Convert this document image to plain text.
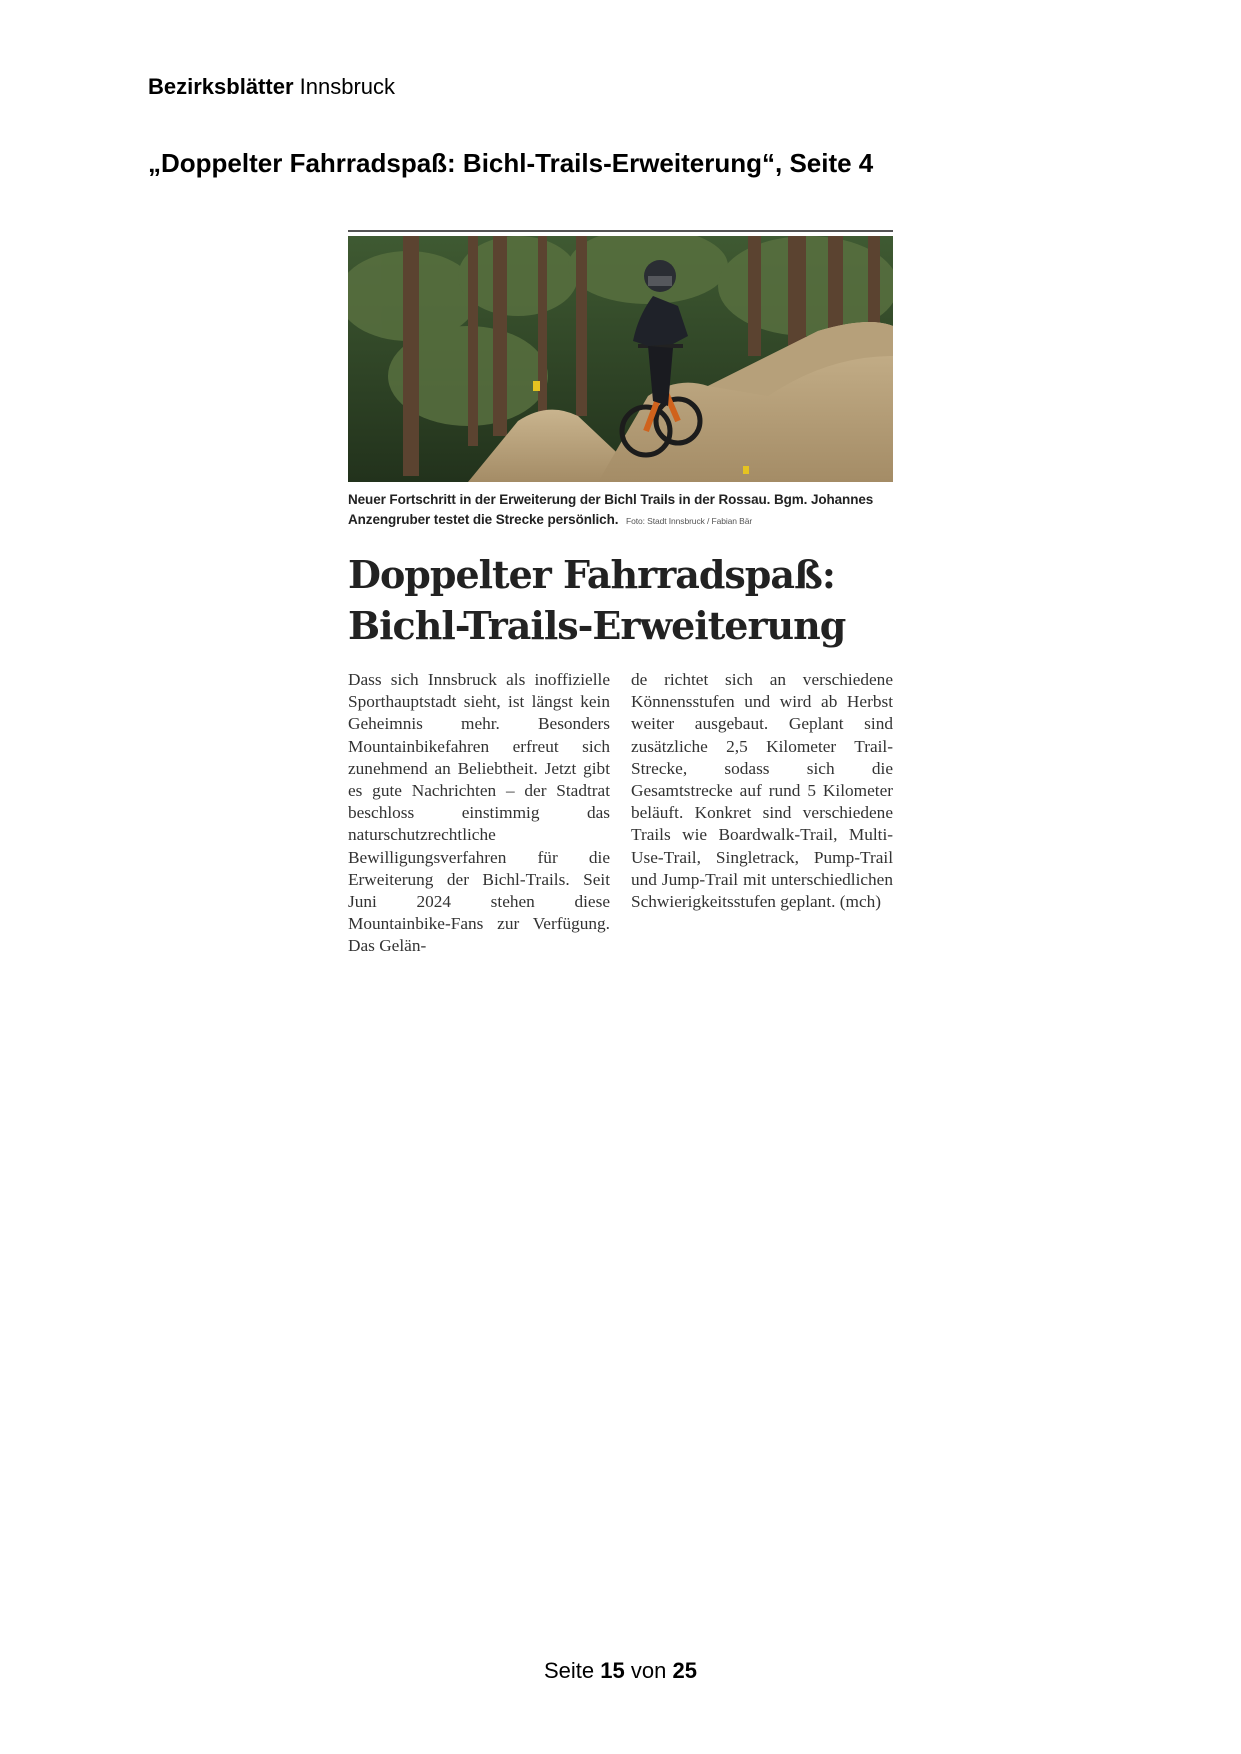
Bezirksblätter Innsbruck
„Doppelter Fahrradspaß: Bichl-Trails-Erweiterung“, Seite 4
Neuer Fortschritt in der Erweiterung der Bichl Trails in der Rossau. Bgm. Johannes Anzengruber testet die Strecke persönlich. Foto: Stadt Innsbruck / Fabian Bär
Doppelter Fahrradspaß:
Bichl-Trails-Erweiterung

Dass sich Innsbruck als inoffizielle Sporthauptstadt sieht, ist längst kein Geheimnis mehr. Besonders Mountainbikefahren erfreut sich zunehmend an Beliebtheit. Jetzt gibt es gute Nachrichten – der Stadtrat beschloss einstimmig das naturschutzrechtliche Bewilligungsverfahren für die Erweiterung der Bichl-Trails. Seit Juni 2024 stehen diese Mountainbike-Fans zur Verfügung. Das Gelän-

de richtet sich an verschiedene Könnensstufen und wird ab Herbst weiter ausgebaut. Geplant sind zusätzliche 2,5 Kilometer Trail-Strecke, sodass sich die Gesamtstrecke auf rund 5 Kilometer beläuft. Konkret sind verschiedene Trails wie Boardwalk-Trail, Multi-Use-Trail, Singletrack, Pump-Trail und Jump-Trail mit unterschiedlichen Schwierigkeitsstufen geplant. (mch)

Seite 15 von 25
